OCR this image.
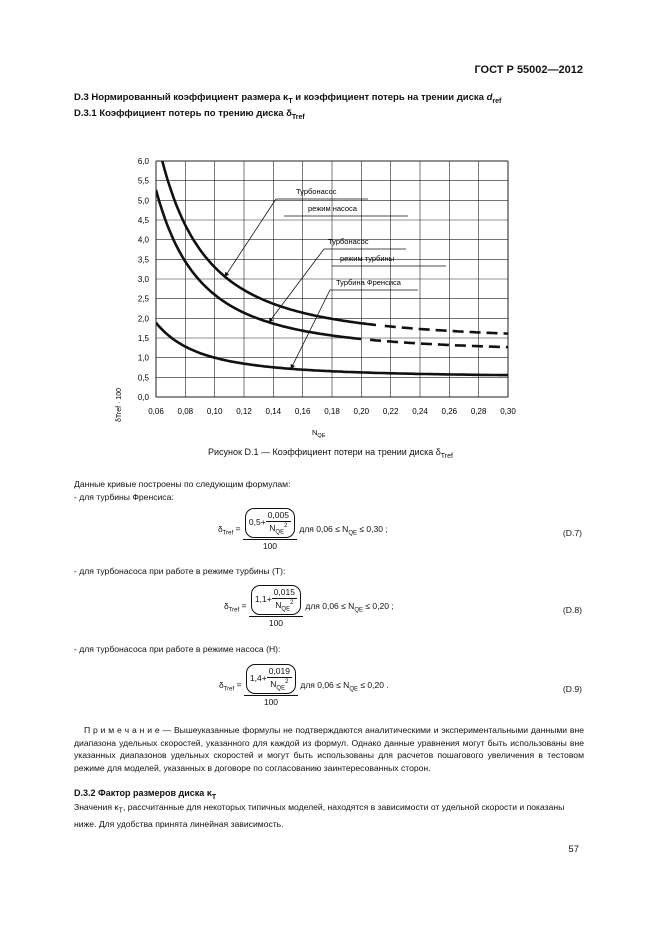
ГОСТ Р 55002—2012
D.3 Нормированный коэффициент размера $\kappa_T$ и коэффициент потерь на трении диска $d_{ref}$
D.3.1 Коэффициент потерь по трению диска $\delta_{Tref}$
0,0
0,5
1,0
1,5
2,0
2,5
3,0
3,5
4,0
4,5
5,0
5,5
6,0
0,06 0,08 0,10 0,12 0,14 0,16 0,18 0,20 0,22 0,24 0,26 0,28 0,30
Турбонасос
режим насоса
Турбонасос
режим турбины
Турбина Френсиса
δTref · 100
$N_{QE}$
Рисунок D.1 — Коэффициент потери на трении диска $\delta_{Tref}$
Данные кривые построены по следующим формулам:
- для турбины Френсиса:
$\delta_{Tref} = \frac{0,5+ \frac{0,005}{N_{QE}^2}}{100}$ для $0,06 \le N_{QE} \le 0,30$ ;	(D.7)
- для турбонасоса при работе в режиме турбины (Т):
$\delta_{Tref} = \frac{1,1+ \frac{0,015}{N_{QE}^2}}{100}$ для $0,06 \le N_{QE} \le 0,20$ ;	(D.8)
- для турбонасоса при работе в режиме насоса (Н):
$\delta_{Tref} = \frac{1,4+ \frac{0,019}{N_{QE}^2}}{100}$ для $0,06 \le N_{QE} \le 0,20$ .	(D.9)
П р и м е ч а н и е — Вышеуказанные формулы не подтверждаются аналитическими и экспериментальными данными вне диапазона удельных скоростей, указанного для каждой из формул. Однако данные уравнения могут быть использованы вне указанных диапазонов удельных скоростей и могут быть использованы для расчетов пошагового увеличения в тестовом режиме для моделей, указанных в договоре по согласованию заинтересованных сторон.
D.3.2 Фактор размеров диска $\kappa_T$
Значения $\kappa_T$, рассчитанные для некоторых типичных моделей, находятся в зависимости от удельной скорости и показаны ниже. Для удобства принята линейная зависимость.
57
